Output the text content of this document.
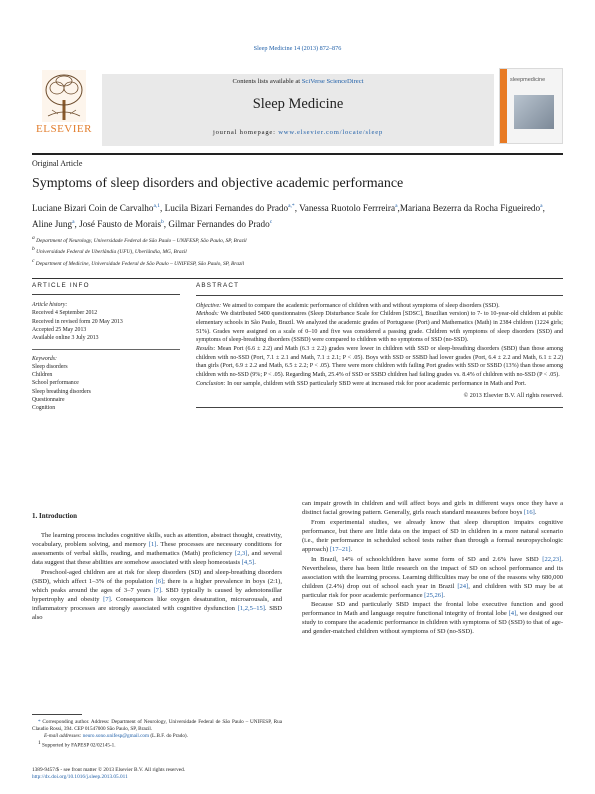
Sleep Medicine 14 (2013) 872–876
ELSEVIER
Contents lists available at SciVerse ScienceDirect
Sleep Medicine
journal homepage: www.elsevier.com/locate/sleep
sleepmedicine
Original Article
Symptoms of sleep disorders and objective academic performance
Luciane Bizari Coin de Carvalho$^{a,1}$, Lucila Bizari Fernandes do Prado$^{a,*}$, Vanessa Ruotolo Ferrreira$^a$,Mariana Bezerra da Rocha Figueiredo$^a$, Aline Jung$^a$, José Fausto de Morais$^b$, Gilmar Fernandes do Prado$^c$
$^a$ Department of Neurology, Universidade Federal de São Paulo – UNIFESP, São Paulo, SP, Brazil
$^b$ Universidade Federal de Uberlândia (UFU), Uberlândia, MG, Brazil
$^c$ Department of Medicine, Universidade Federal de São Paulo – UNIFESP, São Paulo, SP, Brazil
ARTICLE INFO
Article history:
Received 4 September 2012
Received in revised form 20 May 2013
Accepted 25 May 2013
Available online 3 July 2013
Keywords:
Sleep disorders
Children
School performance
Sleep breathing disorders
Questionnaire
Cognition
ABSTRACT

Objective: We aimed to compare the academic performance of children with and without symptoms of sleep disorders (SSD).

Methods: We distributed 5400 questionnaires (Sleep Disturbance Scale for Children [SDSC], Brazilian version) to 7- to 10-year-old children at public elementary schools in São Paulo, Brazil. We analyzed the academic grades of Portuguese (Port) and Mathematics (Math) in 2384 children (1224 girls; 51%). Grades were assigned on a scale of 0–10 and five was considered a passing grade. Children with symptoms of sleep disorders (SSD) and symptoms of sleep-breathing disorders (SSBD) were compared to children with no symptoms of SSD (no-SSD).

Results: Mean Port (6.6 ± 2.2) and Math (6.3 ± 2.2) grades were lower in children with SSD or sleep-breathing disorders (SBD) than those among children with no-SSD (Port, 7.1 ± 2.1 and Math, 7.1 ± 2.1; P < .05). Boys with SSD or SSBD had lower grades (Port, 6.4 ± 2.2 and Math, 6.1 ± 2.2) than girls (Port, 6.9 ± 2.2 and Math, 6.5 ± 2.2; P < .05). There were more children with failing Port grades with SSD or SSBD (13%) than those among children with no-SSD (9%; P < .05). Regarding Math, 25.4% of SSD or SSBD children had failing grades vs. 8.4% of children with no-SSD (P < .05).

Conclusion: In our sample, children with SSD particularly SBD were at increased risk for poor academic performance in Math and Port.

© 2013 Elsevier B.V. All rights reserved.
1. Introduction

The learning process includes cognitive skills, such as attention, abstract thought, creativity, vocabulary, problem solving, and memory [1]. These processes are necessary conditions for assessments of verbal skills, reading, and mathematics (Math) proficiency [2,3], and several data suggest that these abilities are somehow associated with sleep homeostasis [4,5].

Preschool-aged children are at risk for sleep disorders (SD) and sleep-breathing disorders (SBD), which affect 1–3% of the population [6]; there is a higher prevalence in boys (2:1), which peaks around the ages of 3–7 years [7]. SBD typically is caused by adenotonsillar hypertrophy and obesity [7]. Consequences like oxygen desaturation, microarousals, and inflammatory processes are strongly associated with cognitive dysfunction [1,2,5–15]. SBD also

can impair growth in children and will affect boys and girls in different ways once they have a distinct facial growing pattern. Generally, girls reach standard measures before boys [16].

From experimental studies, we already know that sleep disruption impairs cognitive performance, but there are little data on the impact of SD in children in a more natural scenario (i.e., their performance in scheduled school tests rather than through a formal neuropsychologic approach) [17–21].

In Brazil, 14% of schoolchildren have some form of SD and 2.6% have SBD [22,23]. Nevertheless, there has been little research on the impact of SD on school performance and its association with the learning process. Learning difficulties may be one of the reasons why 680,000 children (2.4%) drop out of school each year in Brazil [24], and children with SD may be at particular risk for poor academic performance [25,26].

Because SD and particularly SBD impact the frontal lobe executive function and good performance in Math and language require functional integrity of frontal lobe [4], we designed our study to compare the academic performance in children with symptoms of SD (SSD) to that of age- and gender-matched children without symptoms of SD (no-SSD).

* Corresponding author. Address: Department of Neurology, Universidade Federal de São Paulo – UNIFESP, Rua Claudio Rossi, 394. CEP 01547000 São Paulo, SP, Brazil.
E-mail addresses: neuro.sono.unifesp@gmail.com (L.B.F. do Prado).
$^1$ Supported by FAPESP 02/02145-1.
1389-9457/$ - see front matter © 2013 Elsevier B.V. All rights reserved.
http://dx.doi.org/10.1016/j.sleep.2013.05.011
